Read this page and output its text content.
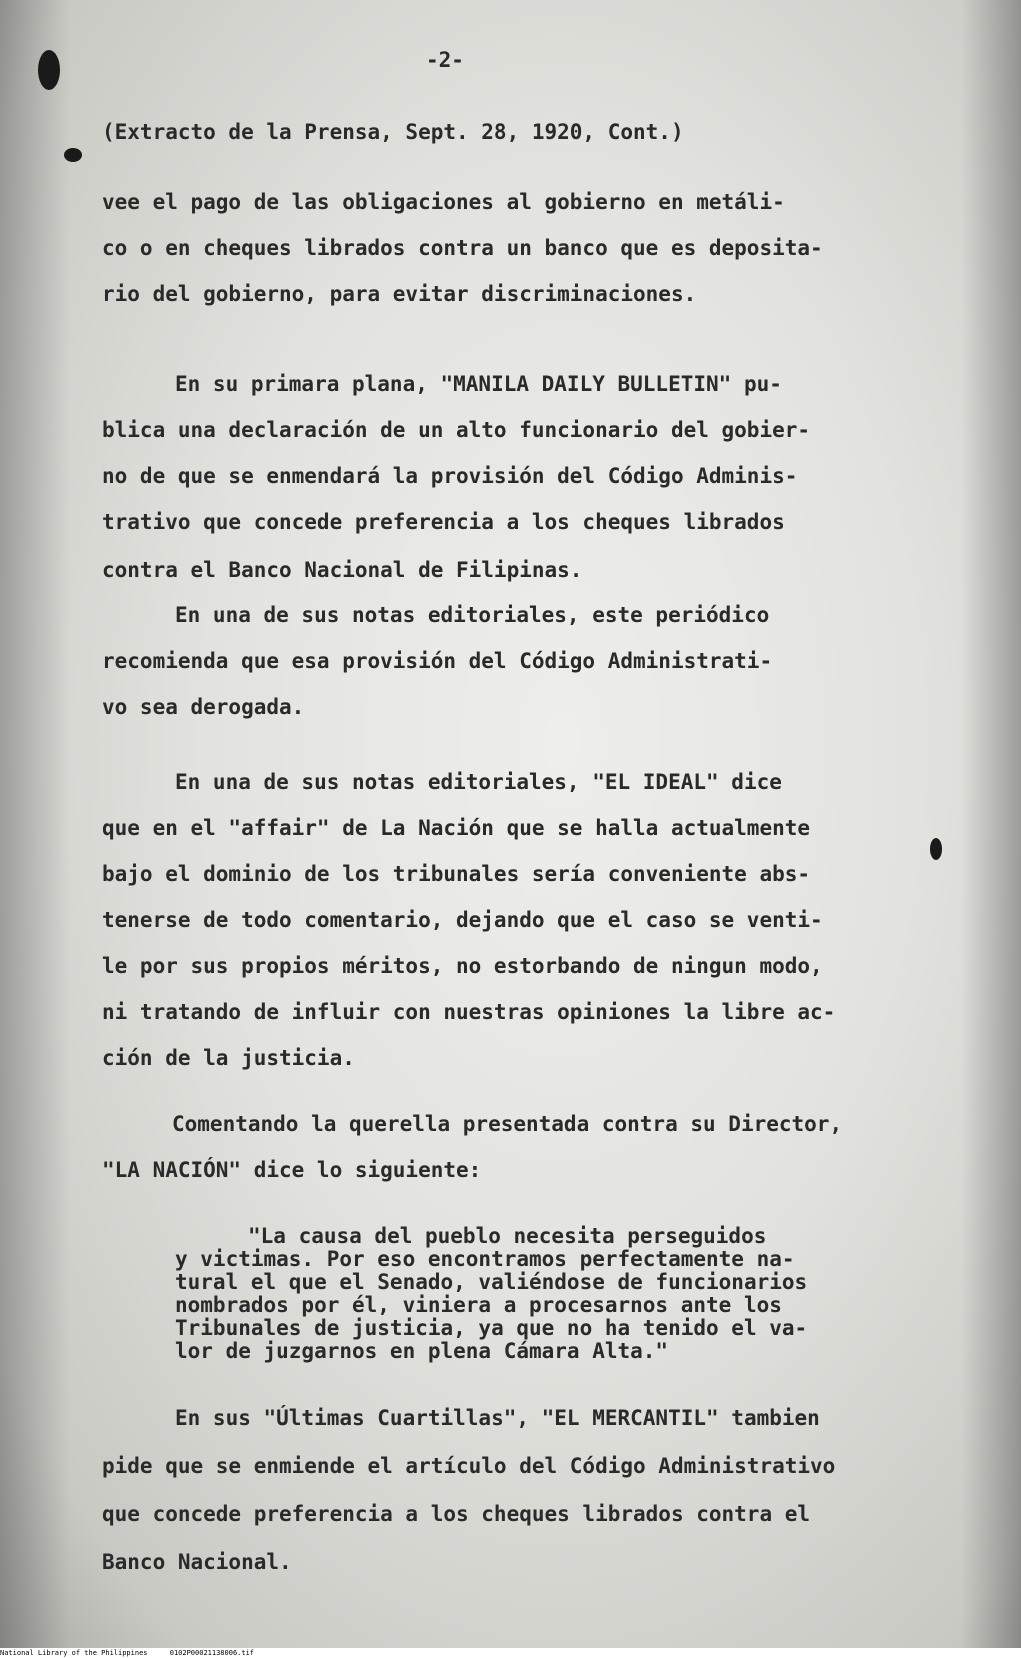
-2-

(Extracto de la Prensa, Sept. 28, 1920, Cont.)

vee el pago de las obligaciones al gobierno en metáli-

co o en cheques librados contra un banco que es deposita-

rio del gobierno, para evitar discriminaciones.

En su primara plana, "MANILA DAILY BULLETIN" pu-

blica una declaración de un alto funcionario del gobier-

no de que se enmendará la provisión del Código Adminis-

trativo que concede preferencia a los cheques librados

contra el Banco Nacional de Filipinas.

En una de sus notas editoriales, este periódico

recomienda que esa provisión del Código Administrati-

vo sea derogada.

En una de sus notas editoriales, "EL IDEAL" dice

que en el "affair" de La Nación que se halla actualmente

bajo el dominio de los tribunales sería conveniente abs-

tenerse de todo comentario, dejando que el caso se venti-

le por sus propios méritos, no estorbando de ningun modo,

ni tratando de influir con nuestras opiniones la libre ac-

ción de la justicia.

Comentando la querella presentada contra su Director,

"LA NACIÓN" dice lo siguiente:

"La causa del pueblo necesita perseguidos

y victimas. Por eso encontramos perfectamente na-

tural el que el Senado, valiéndose de funcionarios

nombrados por él, viniera a procesarnos ante los

Tribunales de justicia, ya que no ha tenido el va-

lor de juzgarnos en plena Cámara Alta."

En sus "Últimas Cuartillas", "EL MERCANTIL" tambien

pide que se enmiende el artículo del Código Administrativo

que concede preferencia a los cheques librados contra el

Banco Nacional.

National Library of the Philippines	0102P00021138006.tif
